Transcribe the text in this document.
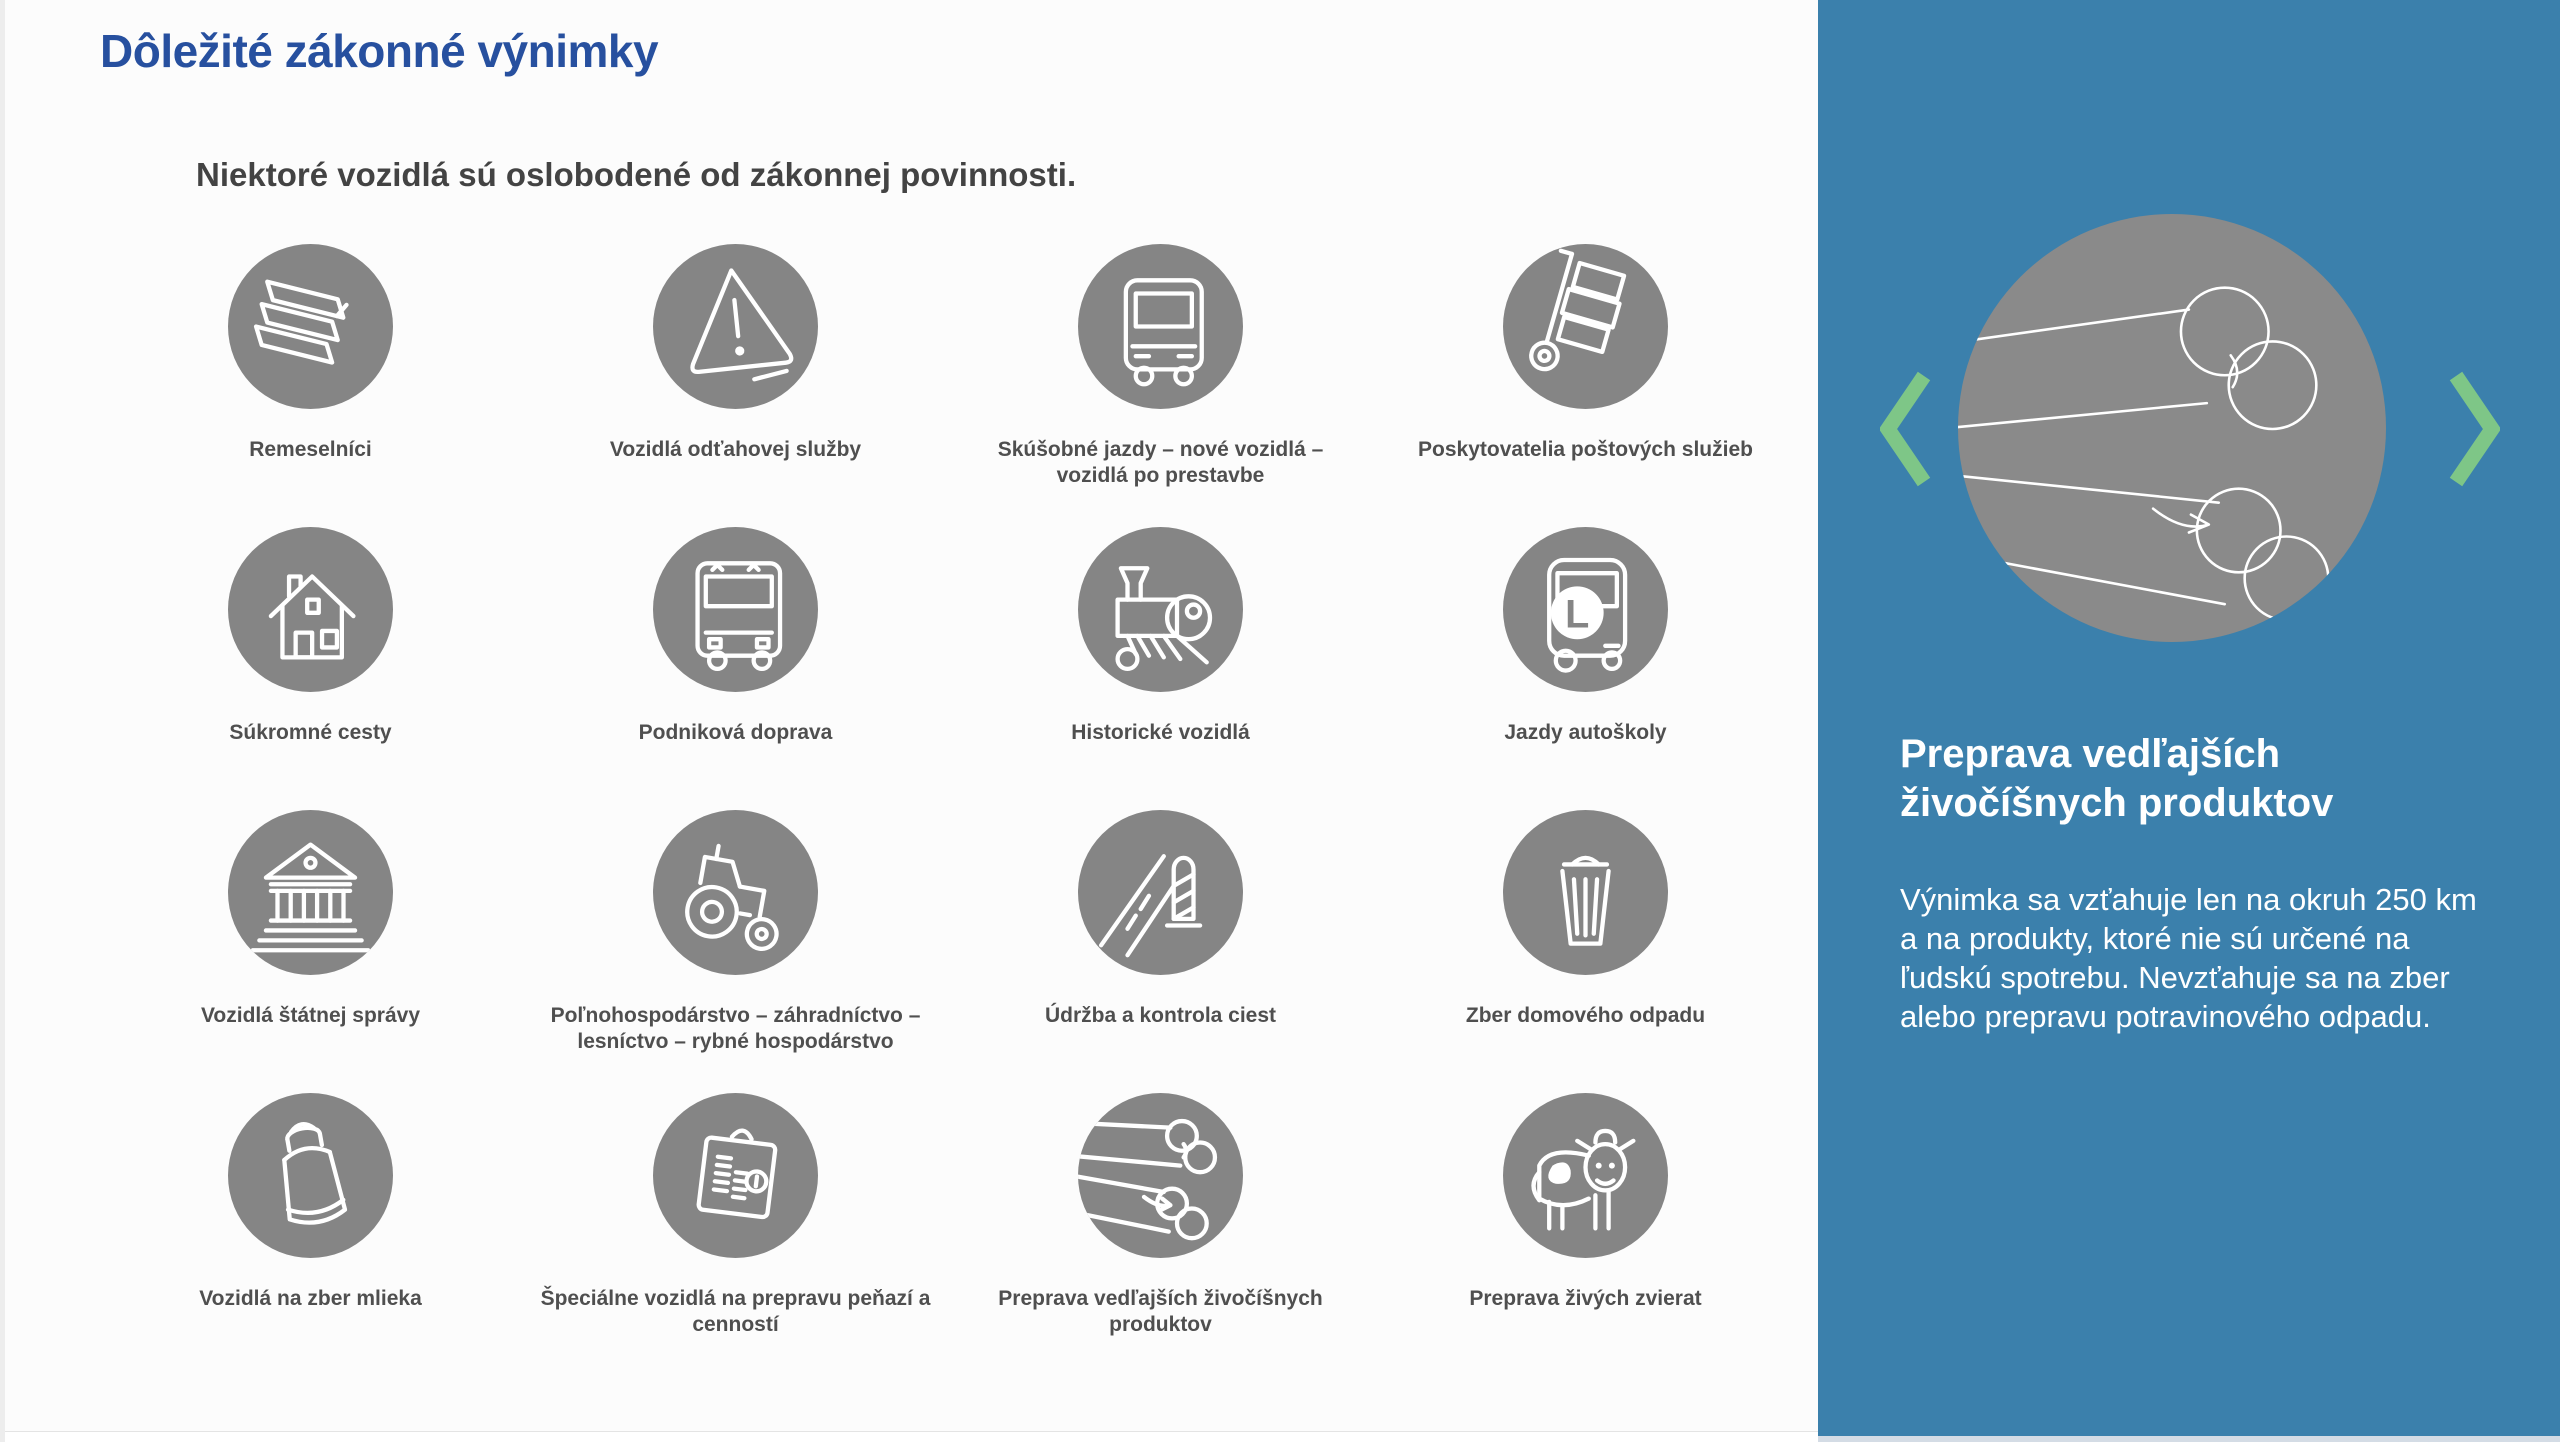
Dôležité zákonné výnimky
Niektoré vozidlá sú oslobodené od zákonnej povinnosti.

Remeselníci	Vozidlá odťahovej služby	Skúšobné jazdy – nové vozidlá – vozidlá po prestavbe

Poskytovatelia poštových služieb

Súkromné cesty	Podniková doprava	Historické vozidlá	Jazdy autoškoly

Vozidlá štátnej správy	Poľnohospodárstvo – záhradníctvo – lesníctvo – rybné hospodárstvo

Údržba a kontrola ciest	Zber domového odpadu

Vozidlá na zber mlieka	Špeciálne vozidlá na prepravu peňazí a cenností

Preprava vedľajších živočíšnych produktov

Preprava živých zvierat

Preprava vedľajších živočíšnych produktov

Výnimka sa vzťahuje len na okruh 250 km a na produkty, ktoré nie sú určené na ľudskú spotrebu. Nevzťahuje sa na zber alebo prepravu potravinového odpadu.
